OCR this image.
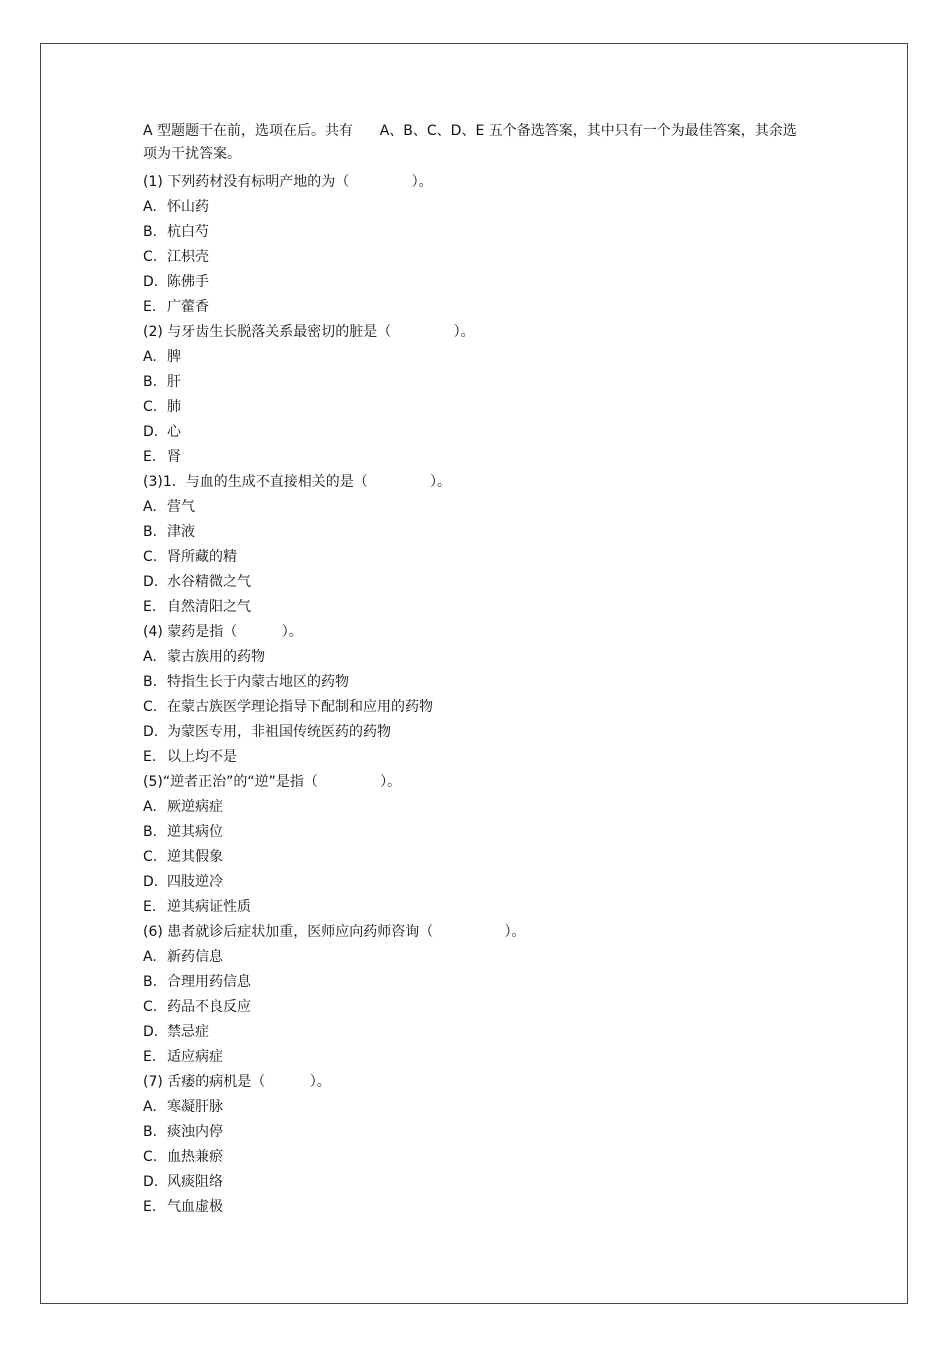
A 型题题干在前，选项在后。共有      A、B、C、D、E 五个备选答案，其中只有一个为最佳答案，其余选项为干扰答案。

(1) 下列药材没有标明产地的为（              ）。
A. 怀山药
B. 杭白芍
C. 江枳壳
D. 陈佛手
E. 广藿香
(2) 与牙齿生长脱落关系最密切的脏是（              ）。
A. 脾
B. 肝
C. 肺
D. 心
E. 肾
(3)1．与血的生成不直接相关的是（              ）。
A. 营气
B. 津液
C. 肾所藏的精
D. 水谷精微之气
E. 自然清阳之气
(4) 蒙药是指（          ）。
A. 蒙古族用的药物
B. 特指生长于内蒙古地区的药物
C. 在蒙古族医学理论指导下配制和应用的药物
D. 为蒙医专用，非祖国传统医药的药物
E. 以上均不是
(5)“逆者正治”的“逆”是指（              ）。
A. 厥逆病症
B. 逆其病位
C. 逆其假象
D. 四肢逆冷
E. 逆其病证性质
(6) 患者就诊后症状加重，医师应向药师咨询（                ）。
A. 新药信息
B. 合理用药信息
C. 药品不良反应
D. 禁忌症
E. 适应病症
(7) 舌痿的病机是（          ）。
A. 寒凝肝脉
B. 痰浊内停
C. 血热兼瘀
D. 风痰阻络
E. 气血虚极
